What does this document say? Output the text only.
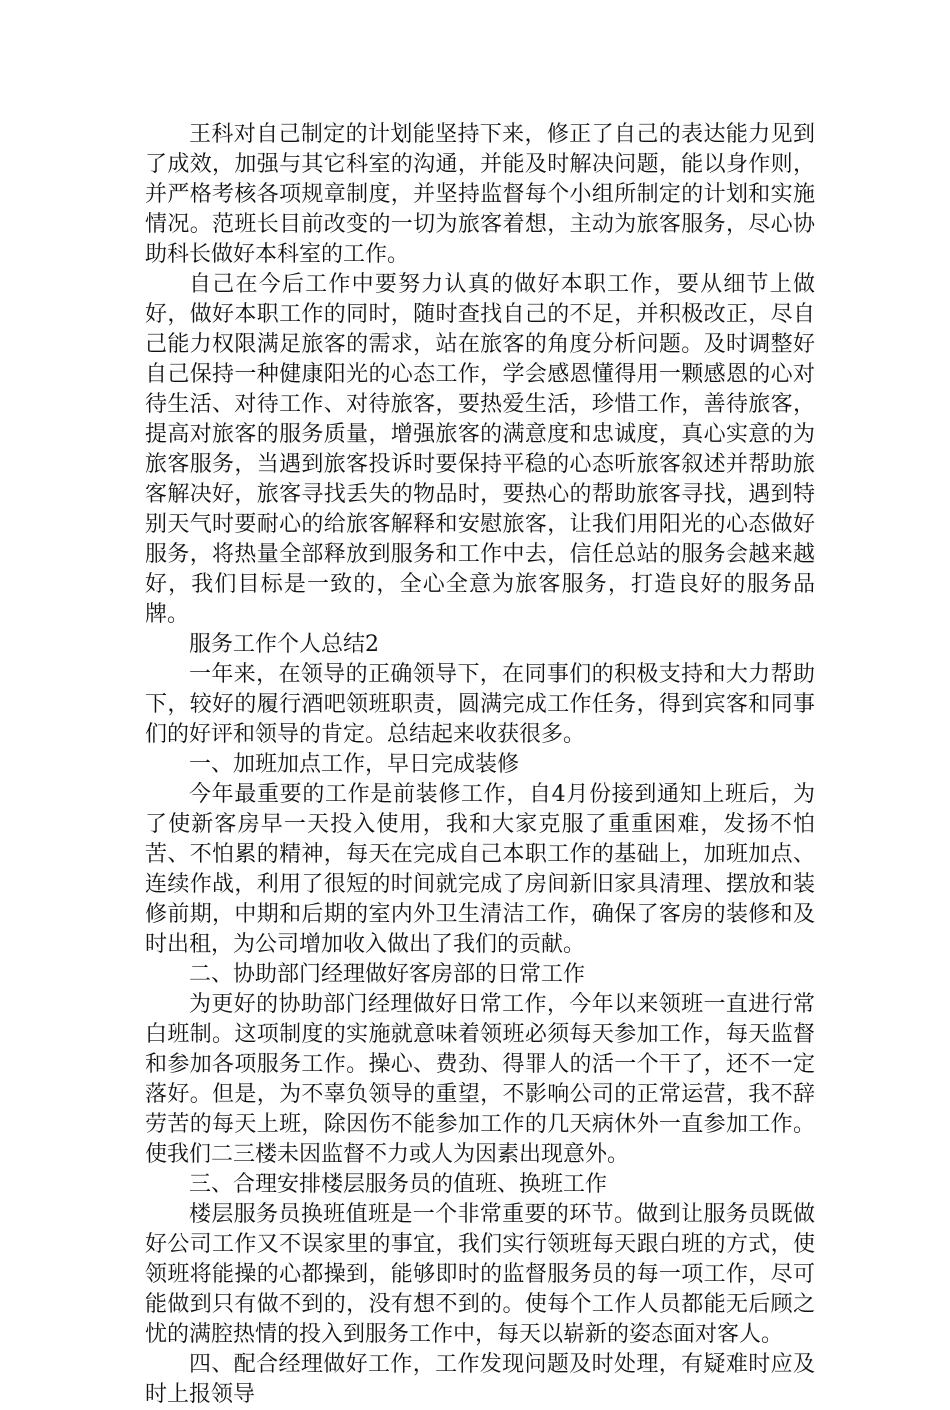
王科对自己制定的计划能坚持下来，修正了自己的表达能力见到了成效，加强与其它科室的沟通，并能及时解决问题，能以身作则，并严格考核各项规章制度，并坚持监督每个小组所制定的计划和实施情况。范班长目前改变的一切为旅客着想，主动为旅客服务，尽心协助科长做好本科室的工作。

自己在今后工作中要努力认真的做好本职工作，要从细节上做好，做好本职工作的同时，随时查找自己的不足，并积极改正，尽自己能力权限满足旅客的需求，站在旅客的角度分析问题。及时调整好自己保持一种健康阳光的心态工作，学会感恩懂得用一颗感恩的心对待生活、对待工作、对待旅客，要热爱生活，珍惜工作，善待旅客，提高对旅客的服务质量，增强旅客的满意度和忠诚度，真心实意的为旅客服务，当遇到旅客投诉时要保持平稳的心态听旅客叙述并帮助旅客解决好，旅客寻找丢失的物品时，要热心的帮助旅客寻找，遇到特别天气时要耐心的给旅客解释和安慰旅客，让我们用阳光的心态做好服务，将热量全部释放到服务和工作中去，信任总站的服务会越来越好，我们目标是一致的，全心全意为旅客服务，打造良好的服务品牌。

服务工作个人总结2

一年来，在领导的正确领导下，在同事们的积极支持和大力帮助下，较好的履行酒吧领班职责，圆满完成工作任务，得到宾客和同事们的好评和领导的肯定。总结起来收获很多。

一、加班加点工作，早日完成装修

今年最重要的工作是前装修工作，自4月份接到通知上班后，为了使新客房早一天投入使用，我和大家克服了重重困难，发扬不怕苦、不怕累的精神，每天在完成自己本职工作的基础上，加班加点、连续作战，利用了很短的时间就完成了房间新旧家具清理、摆放和装修前期，中期和后期的室内外卫生清洁工作，确保了客房的装修和及时出租，为公司增加收入做出了我们的贡献。

二、协助部门经理做好客房部的日常工作

为更好的协助部门经理做好日常工作，今年以来领班一直进行常白班制。这项制度的实施就意味着领班必须每天参加工作，每天监督和参加各项服务工作。操心、费劲、得罪人的活一个干了，还不一定落好。但是，为不辜负领导的重望，不影响公司的正常运营，我不辞劳苦的每天上班，除因伤不能参加工作的几天病休外一直参加工作。使我们二三楼未因监督不力或人为因素出现意外。

三、合理安排楼层服务员的值班、换班工作

楼层服务员换班值班是一个非常重要的环节。做到让服务员既做好公司工作又不误家里的事宜，我们实行领班每天跟白班的方式，使领班将能操的心都操到，能够即时的监督服务员的每一项工作，尽可能做到只有做不到的，没有想不到的。使每个工作人员都能无后顾之忧的满腔热情的投入到服务工作中，每天以崭新的姿态面对客人。

四、配合经理做好工作，工作发现问题及时处理，有疑难时应及时上报领导
